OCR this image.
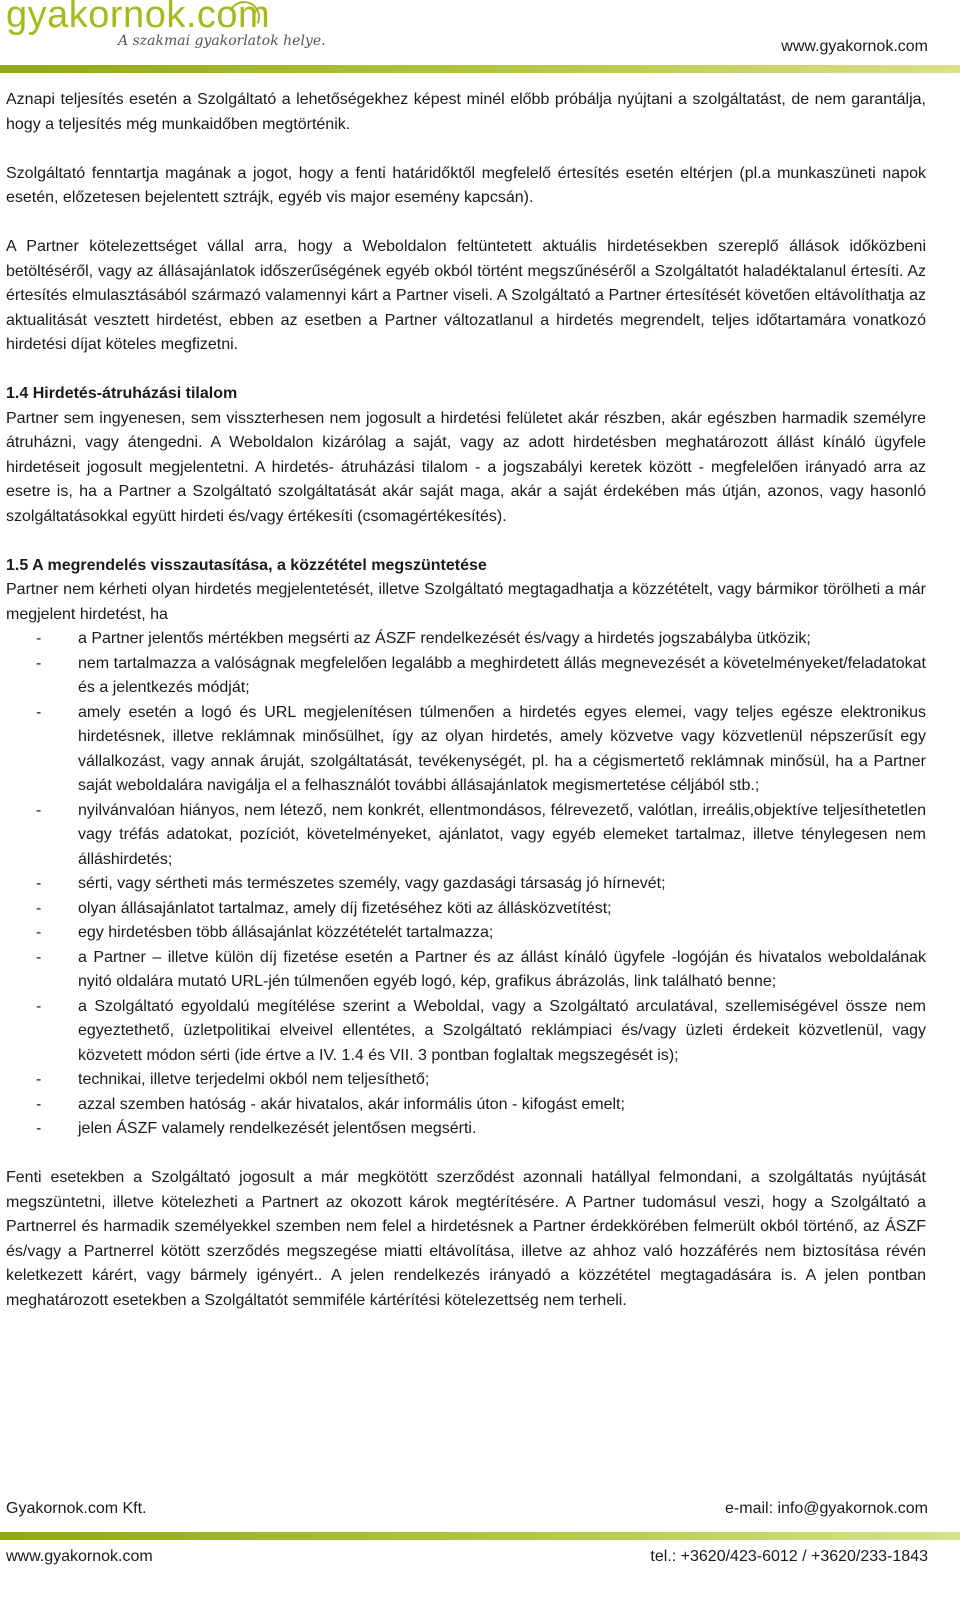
gyakornok.com
A szakmai gyakorlatok helye.	www.gyakornok.com

Aznapi teljesítés esetén a Szolgáltató a lehetőségekhez képest minél előbb próbálja nyújtani a szolgáltatást, de nem garantálja, hogy a teljesítés még munkaidőben megtörténik.

Szolgáltató fenntartja magának a jogot, hogy a fenti határidőktől megfelelő értesítés esetén eltérjen (pl.a munkaszüneti napok esetén, előzetesen bejelentett sztrájk, egyéb vis major esemény kapcsán).

A Partner kötelezettséget vállal arra, hogy a Weboldalon feltüntetett aktuális hirdetésekben szereplő állások időközbeni betöltéséről, vagy az állásajánlatok időszerűségének egyéb okból történt megszűnéséről a Szolgáltatót haladéktalanul értesíti. Az értesítés elmulasztásából származó valamennyi kárt a Partner viseli. A Szolgáltató a Partner értesítését követően eltávolíthatja az aktualitását vesztett hirdetést, ebben az esetben a Partner változatlanul a hirdetés megrendelt, teljes időtartamára vonatkozó hirdetési díjat köteles megfizetni.

1.4 Hirdetés-átruházási tilalom

Partner sem ingyenesen, sem visszterhesen nem jogosult a hirdetési felületet akár részben, akár egészben harmadik személyre átruházni, vagy átengedni. A Weboldalon kizárólag a saját, vagy az adott hirdetésben meghatározott állást kínáló ügyfele hirdetéseit jogosult megjelentetni. A hirdetés- átruházási tilalom - a jogszabályi keretek között - megfelelően irányadó arra az esetre is, ha a Partner a Szolgáltató szolgáltatását akár saját maga, akár a saját érdekében más útján, azonos, vagy hasonló szolgáltatásokkal együtt hirdeti és/vagy értékesíti (csomagértékesítés).

1.5 A megrendelés visszautasítása, a közzététel megszüntetése

Partner nem kérheti olyan hirdetés megjelentetését, illetve Szolgáltató megtagadhatja a közzétételt, vagy bármikor törölheti a már megjelent hirdetést, ha

- a Partner jelentős mértékben megsérti az ÁSZF rendelkezését és/vagy a hirdetés jogszabályba ütközik;
- nem tartalmazza a valóságnak megfelelően legalább a meghirdetett állás megnevezését a követelményeket/feladatokat és a jelentkezés módját;
- amely esetén a logó és URL megjelenítésen túlmenően a hirdetés egyes elemei, vagy teljes egésze elektronikus hirdetésnek, illetve reklámnak minősülhet, így az olyan hirdetés, amely közvetve vagy közvetlenül népszerűsít egy vállalkozást, vagy annak áruját, szolgáltatását, tevékenységét, pl. ha a cégismertető reklámnak minősül, ha a Partner saját weboldalára navigálja el a felhasználót további állásajánlatok megismertetése céljából stb.;
- nyilvánvalóan hiányos, nem létező, nem konkrét, ellentmondásos, félrevezető, valótlan, irreális,objektíve teljesíthetetlen vagy tréfás adatokat, pozíciót, követelményeket, ajánlatot, vagy egyéb elemeket tartalmaz, illetve ténylegesen nem álláshirdetés;
- sérti, vagy sértheti más természetes személy, vagy gazdasági társaság jó hírnevét;
- olyan állásajánlatot tartalmaz, amely díj fizetéséhez köti az állásközvetítést;
- egy hirdetésben több állásajánlat közzétételét tartalmazza;
- a Partner – illetve külön díj fizetése esetén a Partner és az állást kínáló ügyfele -logóján és hivatalos weboldalának nyitó oldalára mutató URL-jén túlmenően egyéb logó, kép, grafikus ábrázolás, link található benne;
- a Szolgáltató egyoldalú megítélése szerint a Weboldal, vagy a Szolgáltató arculatával, szellemiségével össze nem egyeztethető, üzletpolitikai elveivel ellentétes, a Szolgáltató reklámpiaci és/vagy üzleti érdekeit közvetlenül, vagy közvetett módon sérti (ide értve a IV. 1.4 és VII. 3 pontban foglaltak megszegését is);
- technikai, illetve terjedelmi okból nem teljesíthető;
- azzal szemben hatóság - akár hivatalos, akár informális úton - kifogást emelt;
- jelen ÁSZF valamely rendelkezését jelentősen megsérti.

Fenti esetekben a Szolgáltató jogosult a már megkötött szerződést azonnali hatállyal felmondani, a szolgáltatás nyújtását megszüntetni, illetve kötelezheti a Partnert az okozott károk megtérítésére. A Partner tudomásul veszi, hogy a Szolgáltató a Partnerrel és harmadik személyekkel szemben nem felel a hirdetésnek a Partner érdekkörében felmerült okból történő, az ÁSZF és/vagy a Partnerrel kötött szerződés megszegése miatti eltávolítása, illetve az ahhoz való hozzáférés nem biztosítása révén keletkezett kárért, vagy bármely igényért.. A jelen rendelkezés irányadó a közzététel megtagadására is. A jelen pontban meghatározott esetekben a Szolgáltatót semmiféle kártérítési kötelezettség nem terheli.

Gyakornok.com Kft.	e-mail: info@gyakornok.com
www.gyakornok.com	tel.: +3620/423-6012 / +3620/233-1843
